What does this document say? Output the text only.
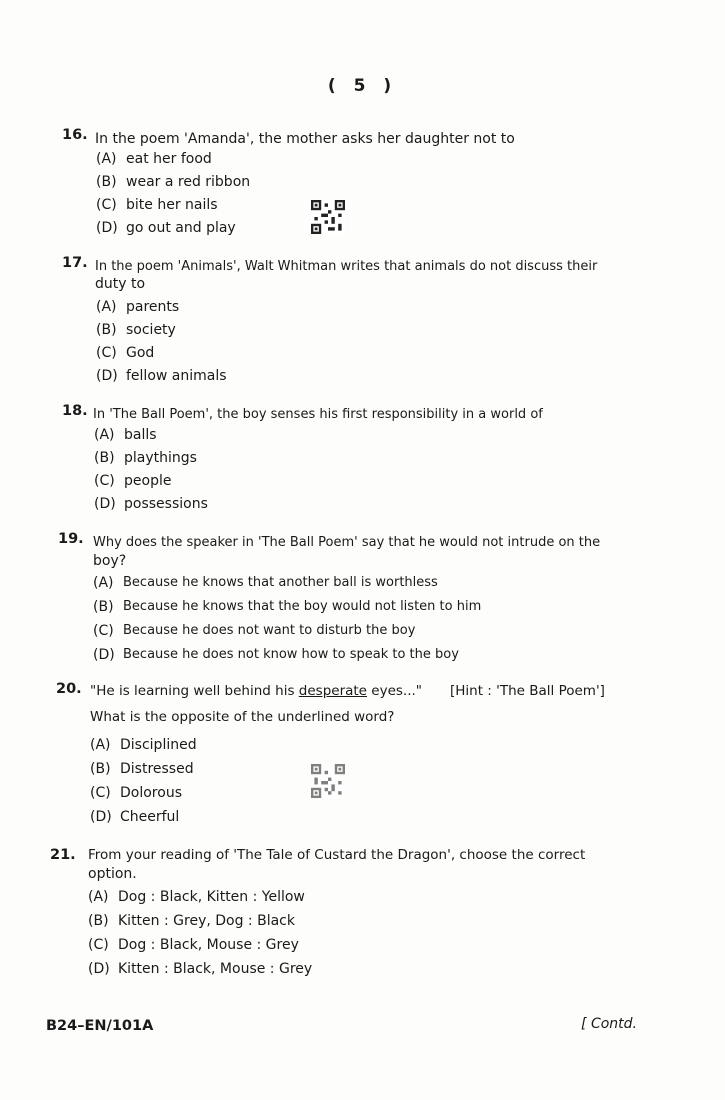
( 5 )
16. In the poem 'Amanda', the mother asks her daughter not to
(A) eat her food
(B) wear a red ribbon
(C) bite her nails
(D) go out and play
17. In the poem 'Animals', Walt Whitman writes that animals do not discuss their
duty to
(A) parents
(B) society
(C) God
(D) fellow animals
18. In 'The Ball Poem', the boy senses his first responsibility in a world of
(A) balls
(B) playthings
(C) people
(D) possessions
19. Why does the speaker in 'The Ball Poem' say that he would not intrude on the
boy?
(A) Because he knows that another ball is worthless
(B) Because he knows that the boy would not listen to him
(C) Because he does not want to disturb the boy
(D) Because he does not know how to speak to the boy
20. "He is learning well behind his desperate eyes..." [Hint : 'The Ball Poem']
What is the opposite of the underlined word?
(A) Disciplined
(B) Distressed
(C) Dolorous
(D) Cheerful
21. From your reading of 'The Tale of Custard the Dragon', choose the correct
option.
(A) Dog : Black, Kitten : Yellow
(B) Kitten : Grey, Dog : Black
(C) Dog : Black, Mouse : Grey
(D) Kitten : Black, Mouse : Grey
B24–EN/101A	[ Contd.
